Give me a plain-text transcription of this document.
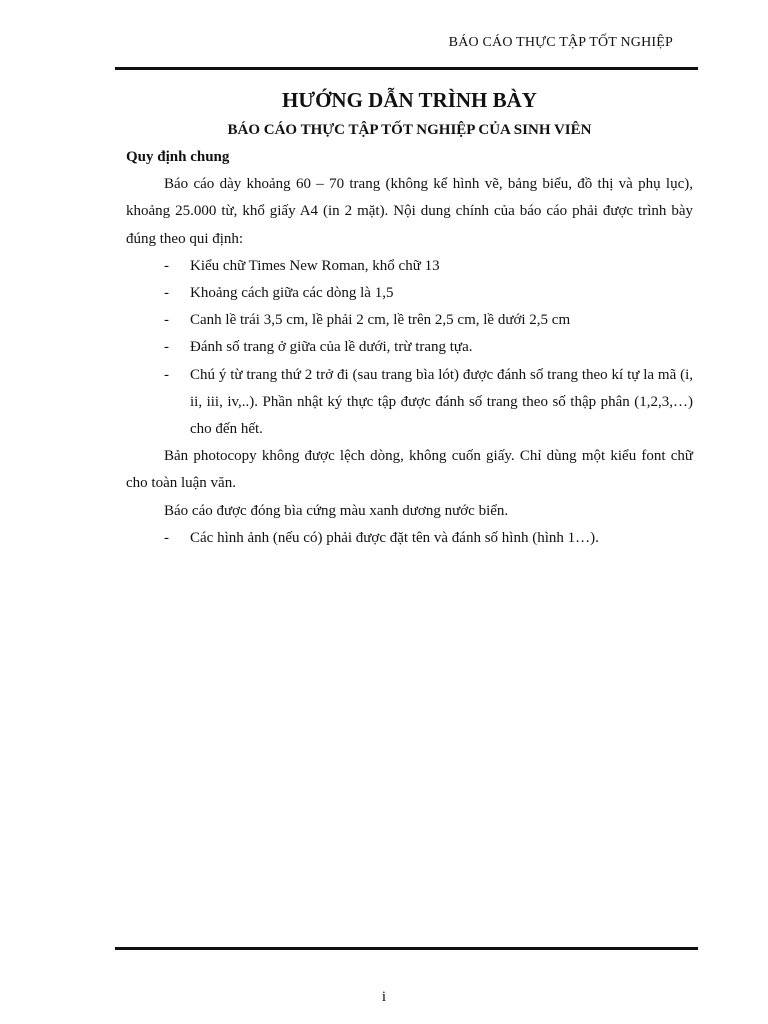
BÁO CÁO THỰC TẬP TỐT NGHIỆP
HƯỚNG DẪN TRÌNH BÀY
BÁO CÁO THỰC TẬP TỐT NGHIỆP CỦA SINH VIÊN
Quy định chung

Báo cáo dày khoảng 60 – 70 trang (không kể hình vẽ, bảng biểu, đồ thị và phụ lục), khoảng 25.000 từ, khổ giấy A4 (in 2 mặt). Nội dung chính của báo cáo phải được trình bày đúng theo qui định:

- Kiểu chữ Times New Roman, khổ chữ 13
- Khoảng cách giữa các dòng là 1,5
- Canh lề trái 3,5 cm, lề phải 2 cm, lề trên 2,5 cm, lề dưới 2,5 cm
- Đánh số trang ở giữa của lề dưới, trừ trang tựa.
- Chú ý từ trang thứ 2 trở đi (sau trang bìa lót) được đánh số trang theo kí tự la mã (i, ii, iii, iv,..). Phần nhật ký thực tập được đánh số trang theo số thập phân (1,2,3,…) cho đến hết.

Bản photocopy không được lệch dòng, không cuốn giấy. Chỉ dùng một kiểu font chữ cho toàn luận văn.

Báo cáo được đóng bìa cứng màu xanh dương nước biển.

- Các hình ảnh (nếu có) phải được đặt tên và đánh số hình (hình 1…).
i
